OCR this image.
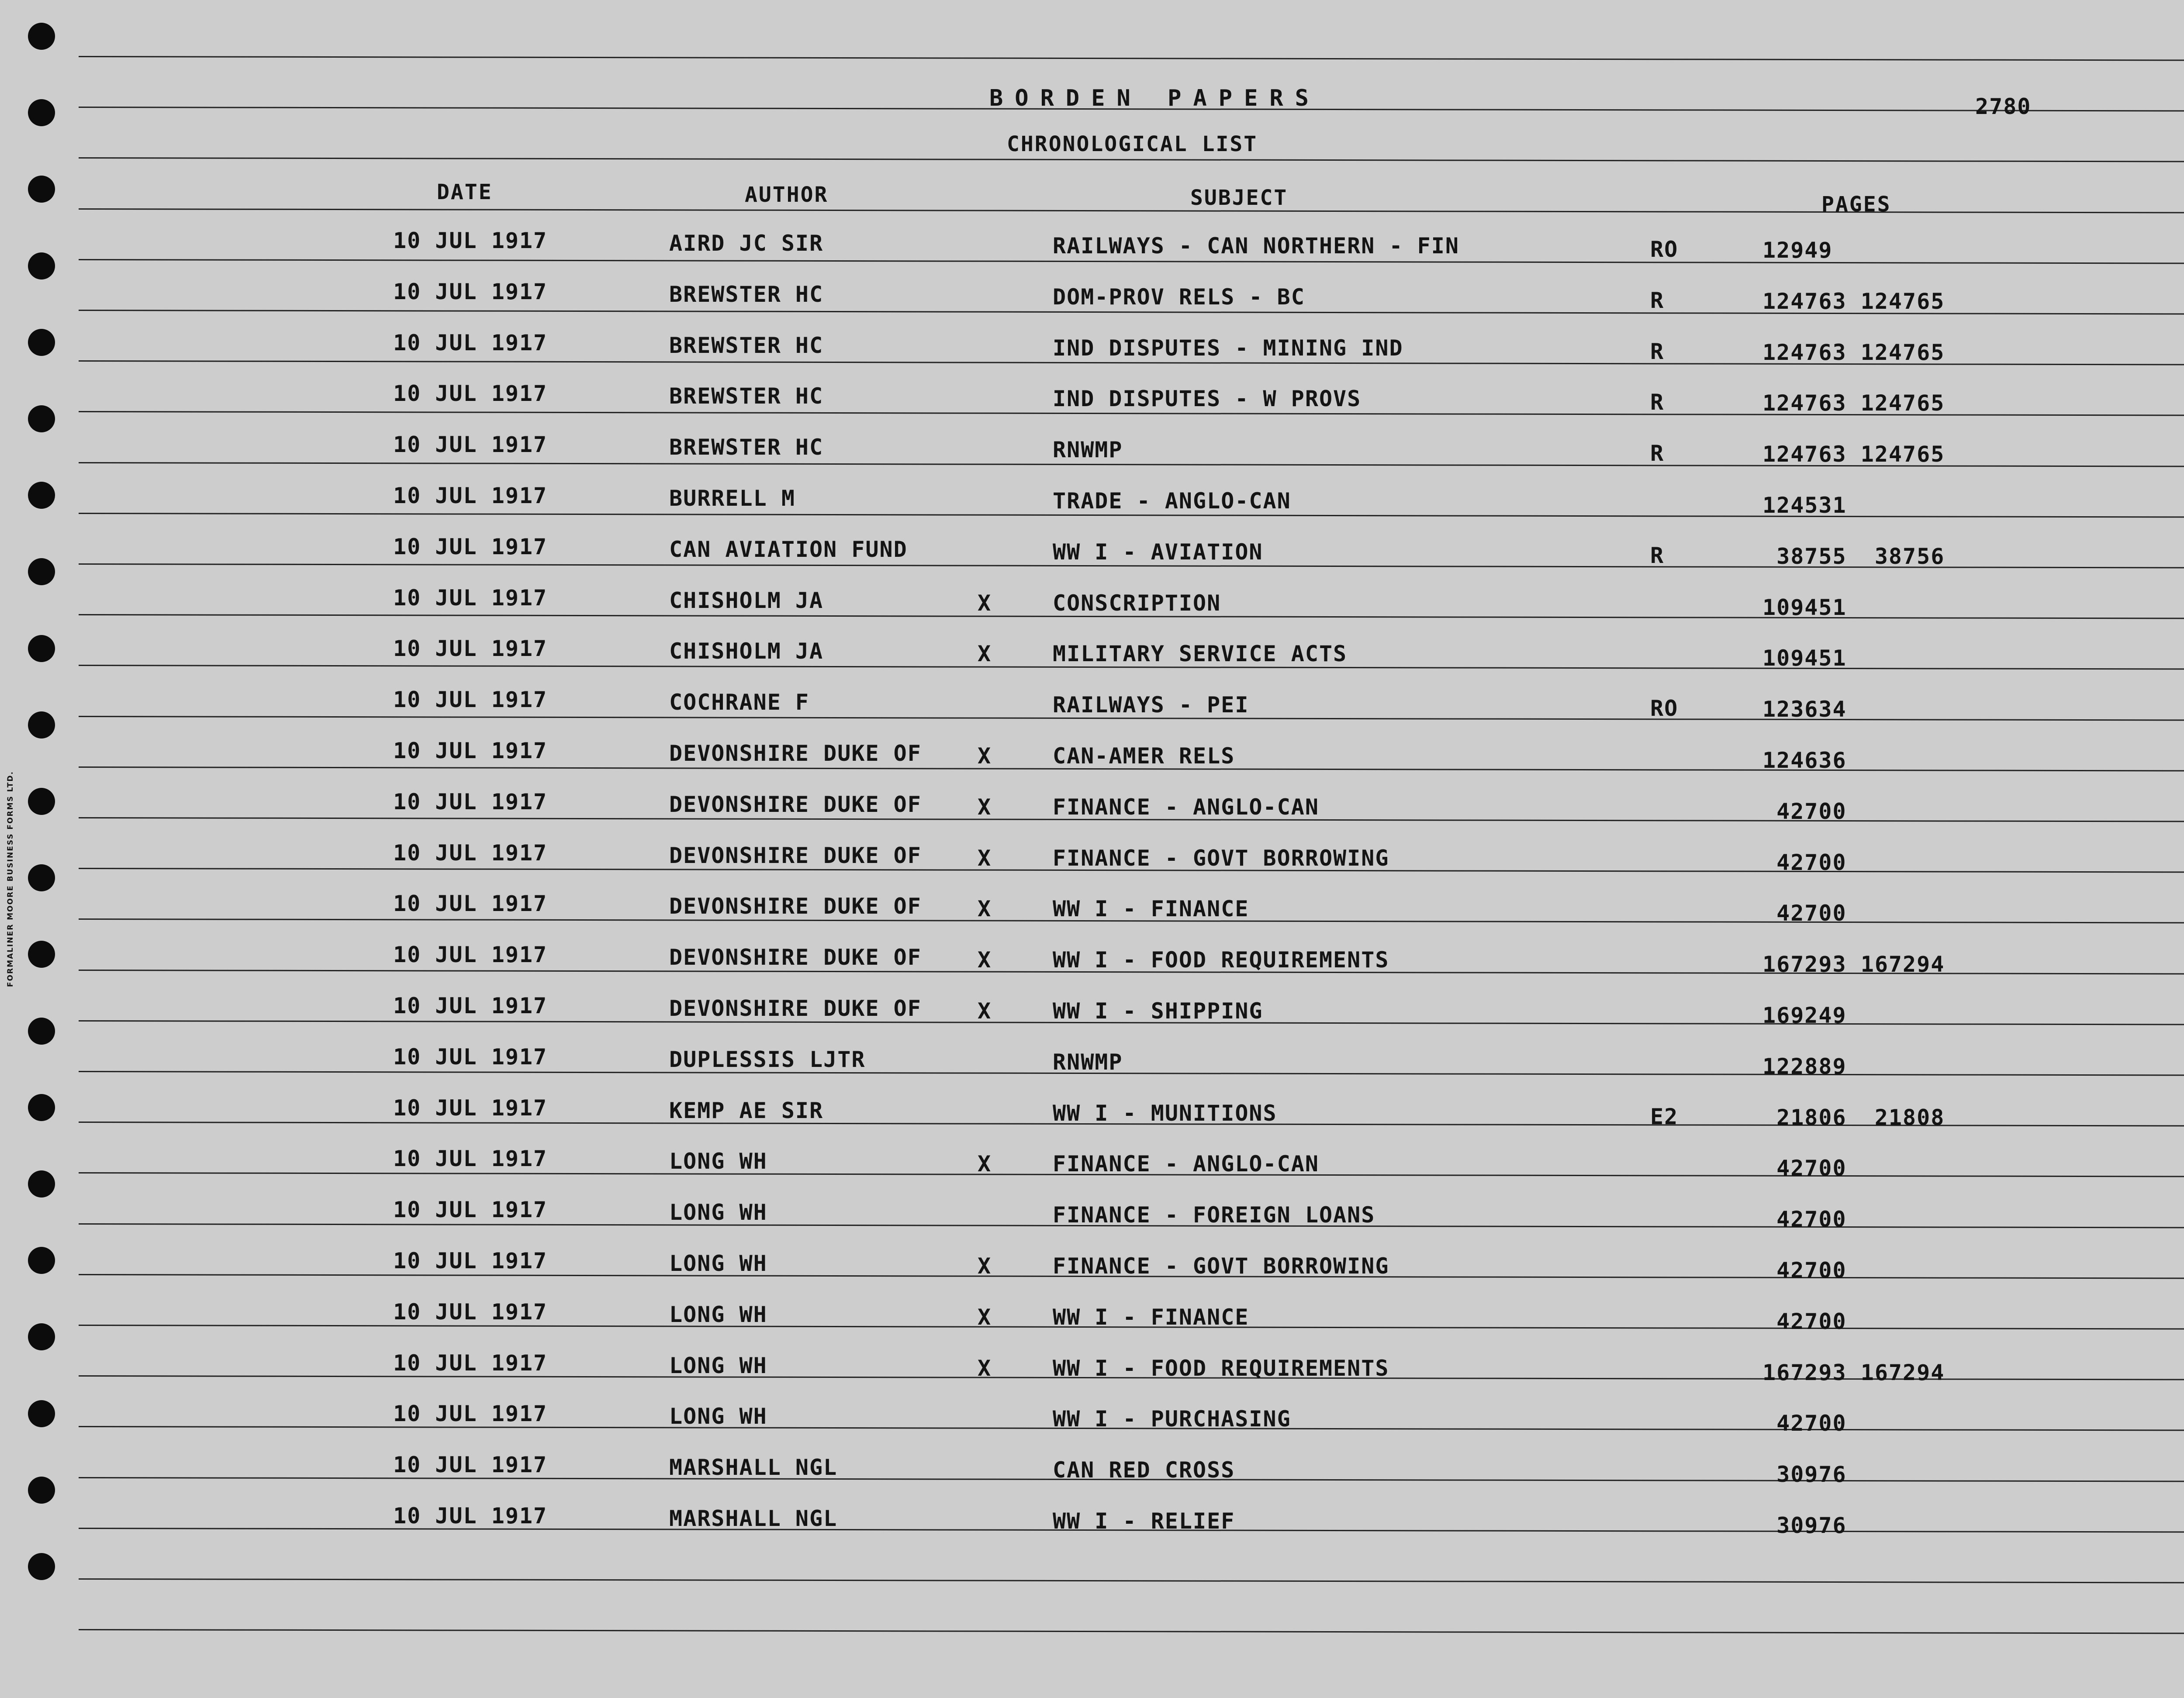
FORMALINER MOORE BUSINESS FORMS LTD.
BORDEN PAPERS	2780
CHRONOLOGICAL LIST
DATE	AUTHOR	SUBJECT	PAGES
10 JUL 1917	AIRD JC SIR	RAILWAYS - CAN NORTHERN - FIN	RO	12949
10 JUL 1917	BREWSTER HC	DOM-PROV RELS - BC	R	124763 124765
10 JUL 1917	BREWSTER HC	IND DISPUTES - MINING IND	R	124763 124765
10 JUL 1917	BREWSTER HC	IND DISPUTES - W PROVS	R	124763 124765
10 JUL 1917	BREWSTER HC	RNWMP	R	124763 124765
10 JUL 1917	BURRELL M	TRADE - ANGLO-CAN	124531
10 JUL 1917	CAN AVIATION FUND	WW I - AVIATION	R	38755  38756
10 JUL 1917	CHISHOLM JA	X	CONSCRIPTION	109451
10 JUL 1917	CHISHOLM JA	X	MILITARY SERVICE ACTS	109451
10 JUL 1917	COCHRANE F	RAILWAYS - PEI	RO	123634
10 JUL 1917	DEVONSHIRE DUKE OF	X	CAN-AMER RELS	124636
10 JUL 1917	DEVONSHIRE DUKE OF	X	FINANCE - ANGLO-CAN	42700
10 JUL 1917	DEVONSHIRE DUKE OF	X	FINANCE - GOVT BORROWING	42700
10 JUL 1917	DEVONSHIRE DUKE OF	X	WW I - FINANCE	42700
10 JUL 1917	DEVONSHIRE DUKE OF	X	WW I - FOOD REQUIREMENTS	167293 167294
10 JUL 1917	DEVONSHIRE DUKE OF	X	WW I - SHIPPING	169249
10 JUL 1917	DUPLESSIS LJTR	RNWMP	122889
10 JUL 1917	KEMP AE SIR	WW I - MUNITIONS	E2	21806  21808
10 JUL 1917	LONG WH	X	FINANCE - ANGLO-CAN	42700
10 JUL 1917	LONG WH	FINANCE - FOREIGN LOANS	42700
10 JUL 1917	LONG WH	X	FINANCE - GOVT BORROWING	42700
10 JUL 1917	LONG WH	X	WW I - FINANCE	42700
10 JUL 1917	LONG WH	X	WW I - FOOD REQUIREMENTS	167293 167294
10 JUL 1917	LONG WH	WW I - PURCHASING	42700
10 JUL 1917	MARSHALL NGL	CAN RED CROSS	30976
10 JUL 1917	MARSHALL NGL	WW I - RELIEF	30976
